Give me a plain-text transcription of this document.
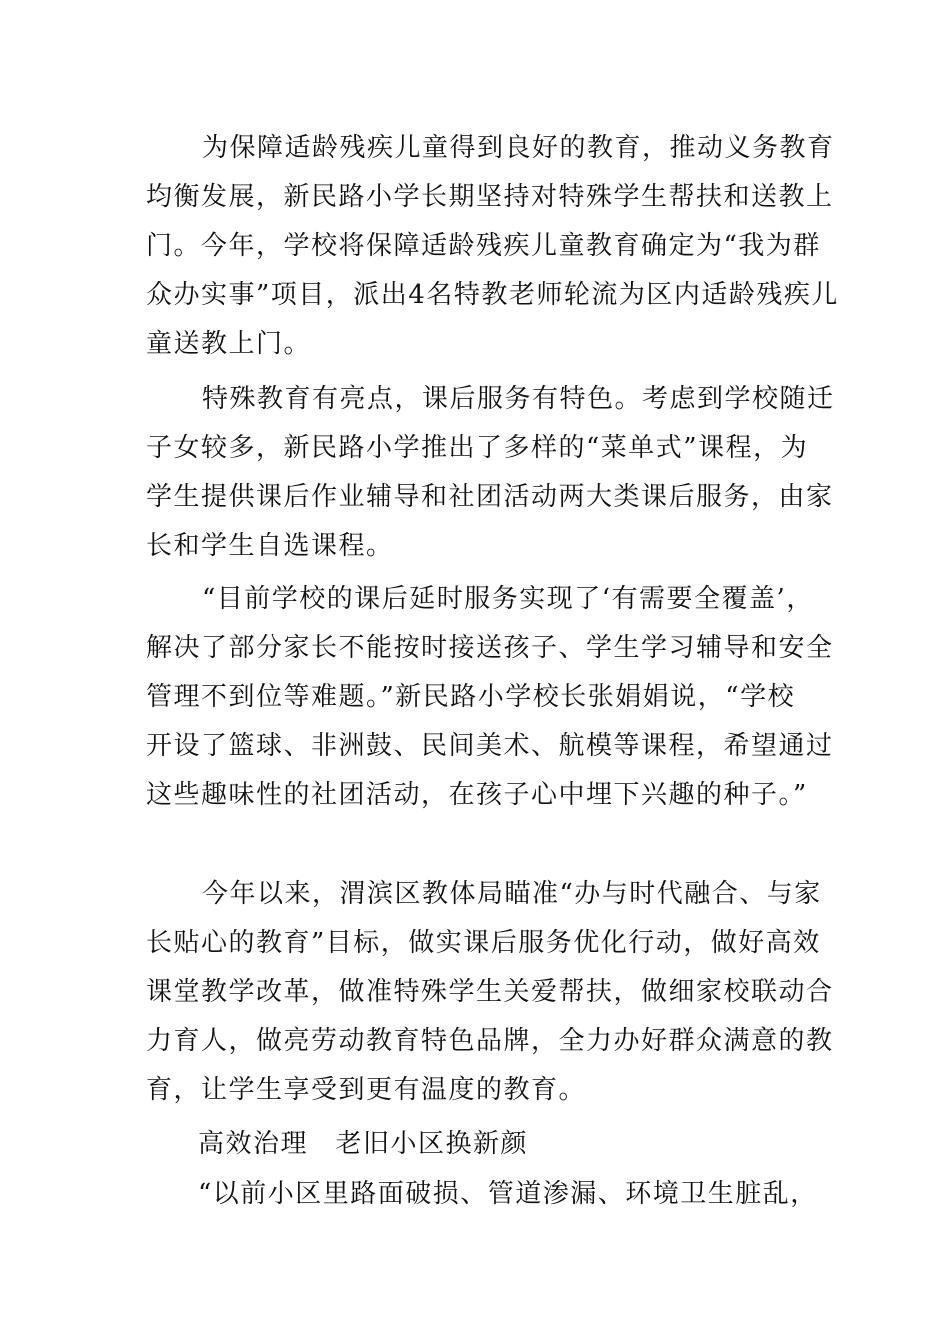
为保障适龄残疾儿童得到良好的教育，推动义务教育
均衡发展，新民路小学长期坚持对特殊学生帮扶和送教上
门。今年，学校将保障适龄残疾儿童教育确定为“我为群
众办实事”项目，派出4名特教老师轮流为区内适龄残疾儿
童送教上门。
特殊教育有亮点，课后服务有特色。考虑到学校随迁
子女较多，新民路小学推出了多样的“菜单式”课程，为
学生提供课后作业辅导和社团活动两大类课后服务，由家
长和学生自选课程。
“目前学校的课后延时服务实现了‘有需要全覆盖’，
解决了部分家长不能按时接送孩子、学生学习辅导和安全
管理不到位等难题。”新民路小学校长张娟娟说，“学校
开设了篮球、非洲鼓、民间美术、航模等课程，希望通过
这些趣味性的社团活动，在孩子心中埋下兴趣的种子。”
今年以来，渭滨区教体局瞄准“办与时代融合、与家
长贴心的教育”目标，做实课后服务优化行动，做好高效
课堂教学改革，做准特殊学生关爱帮扶，做细家校联动合
力育人，做亮劳动教育特色品牌，全力办好群众满意的教
育，让学生享受到更有温度的教育。
高效治理　老旧小区换新颜
“以前小区里路面破损、管道渗漏、环境卫生脏乱，
